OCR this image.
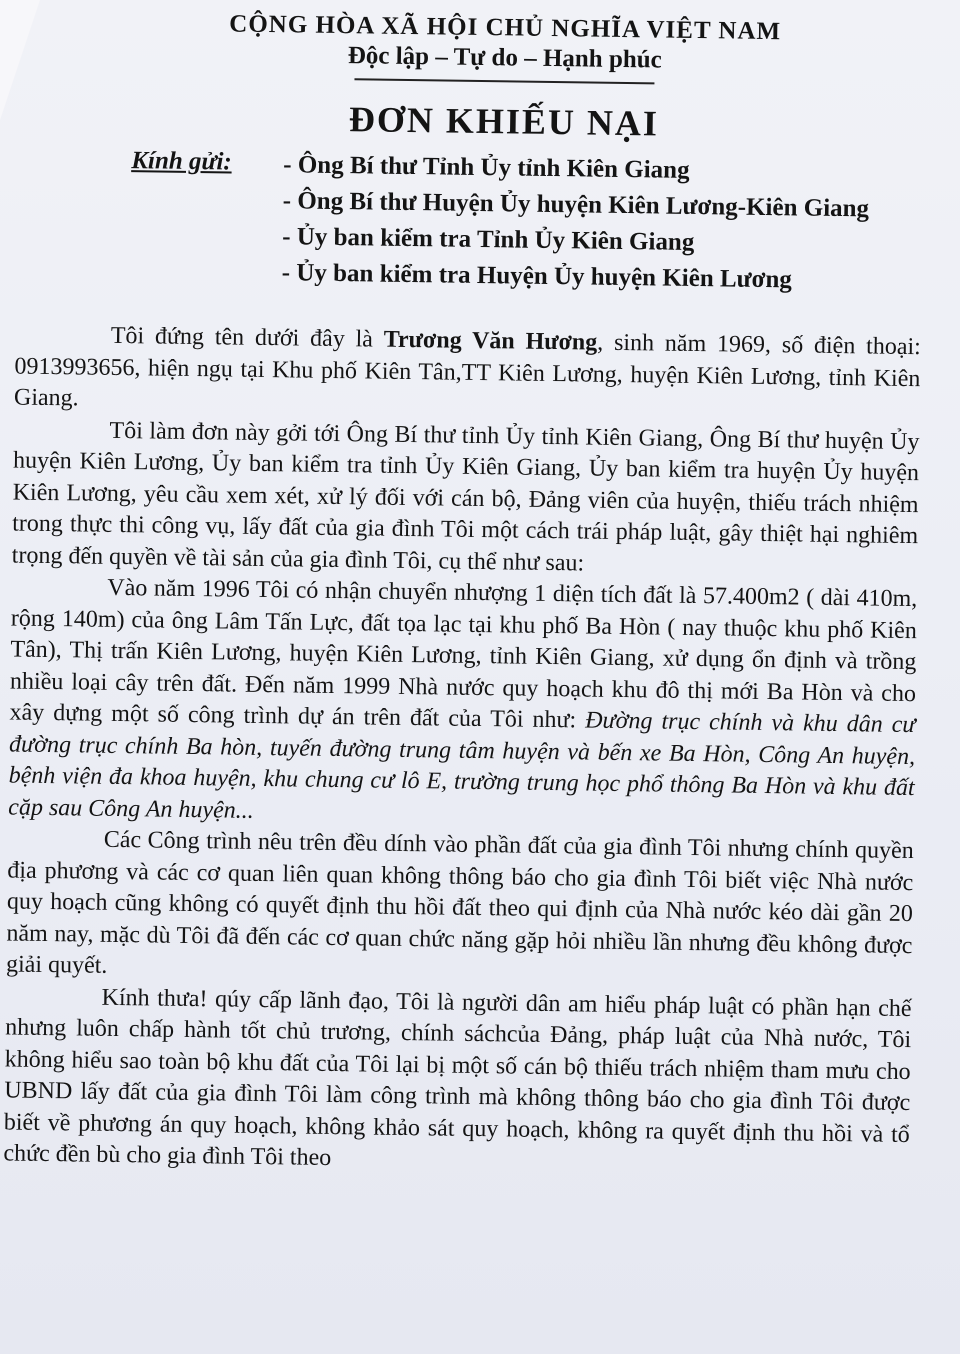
CỘNG HÒA XÃ HỘI CHỦ NGHĨA VIỆT NAM
Độc lập – Tự do – Hạnh phúc
ĐƠN KHIẾU NẠI
Kính gửi: - Ông Bí thư Tỉnh Ủy tỉnh Kiên Giang
- Ông Bí thư Huyện Ủy huyện Kiên Lương-Kiên Giang
- Ủy ban kiểm tra Tỉnh Ủy Kiên Giang
- Ủy ban kiểm tra Huyện Ủy huyện Kiên Lương

Tôi đứng tên dưới đây là Trương Văn Hương, sinh năm 1969, số điện thoại: 0913993656, hiện ngụ tại Khu phố Kiên Tân,TT Kiên Lương, huyện Kiên Lương, tỉnh Kiên Giang.

Tôi làm đơn này gởi tới Ông Bí thư tỉnh Ủy tỉnh Kiên Giang, Ông Bí thư huyện Ủy huyện Kiên Lương, Ủy ban kiểm tra tỉnh Ủy Kiên Giang, Ủy ban kiểm tra huyện Ủy huyện Kiên Lương, yêu cầu xem xét, xử lý đối với cán bộ, Đảng viên của huyện, thiếu trách nhiệm trong thực thi công vụ, lấy đất của gia đình Tôi một cách trái pháp luật, gây thiệt hại nghiêm trọng đến quyền về tài sản của gia đình Tôi, cụ thể như sau:

Vào năm 1996 Tôi có nhận chuyển nhượng 1 diện tích đất là 57.400m2 ( dài 410m, rộng 140m) của ông Lâm Tấn Lực, đất tọa lạc tại khu phố Ba Hòn ( nay thuộc khu phố Kiên Tân), Thị trấn Kiên Lương, huyện Kiên Lương, tỉnh Kiên Giang, xử dụng ổn định và trồng nhiều loại cây trên đất. Đến năm 1999 Nhà nước quy hoạch khu đô thị mới Ba Hòn và cho xây dựng một số công trình dự án trên đất của Tôi như: Đường trục chính và khu dân cư đường trục chính Ba hòn, tuyến đường trung tâm huyện và bến xe Ba Hòn, Công An huyện, bệnh viện đa khoa huyện, khu chung cư lô E, trường trung học phổ thông Ba Hòn và khu đất cặp sau Công An huyện...

Các Công trình nêu trên đều dính vào phần đất của gia đình Tôi nhưng chính quyền địa phương và các cơ quan liên quan không thông báo cho gia đình Tôi biết việc Nhà nước quy hoạch cũng không có quyết định thu hồi đất theo qui định của Nhà nước kéo dài gần 20 năm nay, mặc dù Tôi đã đến các cơ quan chức năng gặp hỏi nhiều lần nhưng đều không được giải quyết.

Kính thưa! qúy cấp lãnh đạo, Tôi là người dân am hiểu pháp luật có phần hạn chế nhưng luôn chấp hành tốt chủ trương, chính sáchcủa Đảng, pháp luật của Nhà nước, Tôi không hiểu sao toàn bộ khu đất của Tôi lại bị một số cán bộ thiếu trách nhiệm tham mưu cho UBND lấy đất của gia đình Tôi làm công trình mà không thông báo cho gia đình Tôi được biết về phương án quy hoạch, không khảo sát quy hoạch, không ra quyết định thu hồi và tổ chức đền bù cho gia đình Tôi theo
